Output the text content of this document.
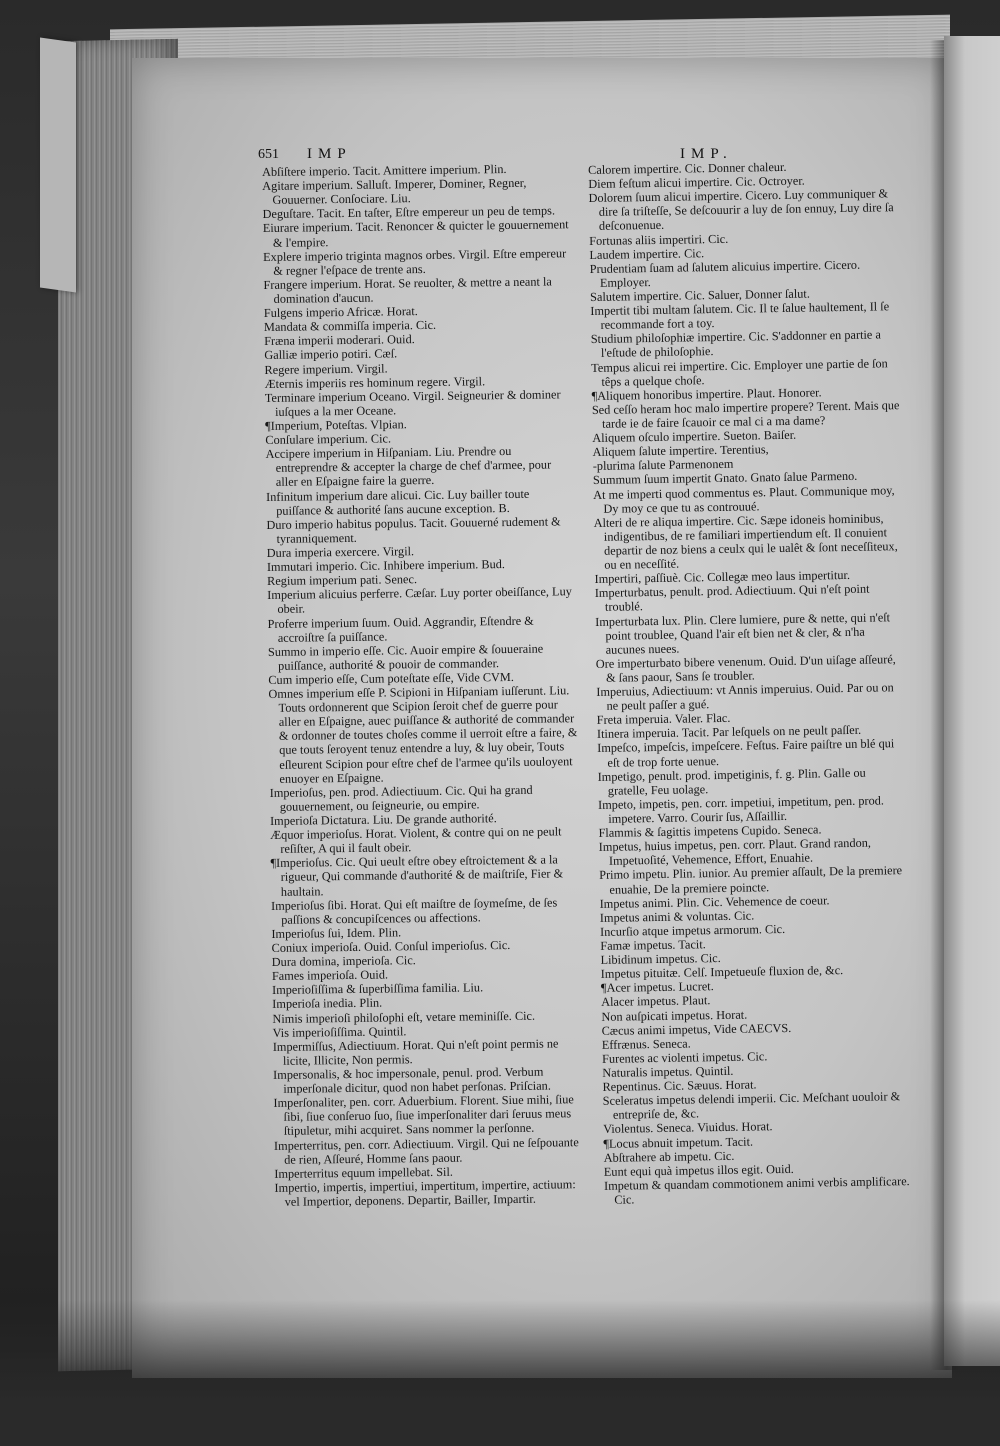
651 IMP	IMP.
Abſiſtere imperio. Tacit. Amittere imperium. Plin.
Agitare imperium. Salluſt. Imperer, Dominer, Regner, Gouuerner. Conſociare. Liu.
Deguſtare. Tacit. En taſter, Eſtre empereur un peu de temps.
Eiurare imperium. Tacit. Renoncer & quicter le gouuernement & l'empire.
Explere imperio triginta magnos orbes. Virgil. Eſtre empereur & regner l'eſpace de trente ans.
Frangere imperium. Horat. Se reuolter, & mettre a neant la domination d'aucun.
Fulgens imperio Africæ. Horat.
Mandata & commiſſa imperia. Cic.
Fræna imperii moderari. Ouid.
Galliæ imperio potiri. Cæſ.
Regere imperium. Virgil.
Æternis imperiis res hominum regere. Virgil.
Terminare imperium Oceano. Virgil. Seigneurier & dominer iuſques a la mer Oceane.
¶Imperium, Poteſtas. Vlpian.
Conſulare imperium. Cic.
Accipere imperium in Hiſpaniam. Liu. Prendre ou entreprendre & accepter la charge de chef d'armee, pour aller en Eſpaigne faire la guerre.
Infinitum imperium dare alicui. Cic. Luy bailler toute puiſſance & authorité ſans aucune exception. B.
Duro imperio habitus populus. Tacit. Gouuerné rudement & tyranniquement.
Dura imperia exercere. Virgil.
Immutari imperio. Cic. Inhibere imperium. Bud.
Regium imperium pati. Senec.
Imperium alicuius perferre. Cæſar. Luy porter obeiſſance, Luy obeir.
Proferre imperium ſuum. Ouid. Aggrandir, Eſtendre & accroiſtre ſa puiſſance.
Summo in imperio eſſe. Cic. Auoir empire & ſouueraine puiſſance, authorité & pouoir de commander.
Cum imperio eſſe, Cum poteſtate eſſe, Vide CVM.
Omnes imperium eſſe P. Scipioni in Hiſpaniam iuſſerunt. Liu. Touts ordonnerent que Scipion ſeroit chef de guerre pour aller en Eſpaigne, auec puiſſance & authorité de commander & ordonner de toutes choſes comme il uerroit eſtre a faire, & que touts ſeroyent tenuz entendre a luy, & luy obeir, Touts eſleurent Scipion pour eſtre chef de l'armee qu'ils uouloyent enuoyer en Eſpaigne.
Imperioſus, pen. prod. Adiectiuum. Cic. Qui ha grand gouuernement, ou ſeigneurie, ou empire.
Imperioſa Dictatura. Liu. De grande authorité.
Æquor imperioſus. Horat. Violent, & contre qui on ne peult reſiſter, A qui il fault obeir.
¶Imperioſus. Cic. Qui ueult eſtre obey eſtroictement & a la rigueur, Qui commande d'authorité & de maiſtriſe, Fier & haultain.
Imperioſus ſibi. Horat. Qui eſt maiſtre de ſoymeſme, de ſes paſſions & concupiſcences ou affections.
Imperioſus ſui, Idem. Plin.
Coniux imperioſa. Ouid. Conſul imperioſus. Cic.
Dura domina, imperioſa. Cic.
Fames imperioſa. Ouid.
Imperioſiſſima & ſuperbiſſima familia. Liu.
Imperioſa inedia. Plin.
Nimis imperioſi philoſophi eſt, vetare meminiſſe. Cic.
Vis imperioſiſſima. Quintil.
Impermiſſus, Adiectiuum. Horat. Qui n'eſt point permis ne licite, Illicite, Non permis.
Impersonalis, & hoc impersonale, penul. prod. Verbum imperſonale dicitur, quod non habet perſonas. Priſcian.
Imperſonaliter, pen. corr. Aduerbium. Florent. Siue mihi, ſiue ſibi, ſiue conſeruo ſuo, ſiue imperſonaliter dari ſeruus meus ſtipuletur, mihi acquiret. Sans nommer la perſonne.
Imperterritus, pen. corr. Adiectiuum. Virgil. Qui ne ſeſpouante de rien, Aſſeuré, Homme ſans paour.
Imperterritus equum impellebat. Sil.
Impertio, impertis, impertiui, impertitum, impertire, actiuum: vel Impertior, deponens. Departir, Bailler, Impartir.
Calorem impertire. Cic. Donner chaleur.
Diem feſtum alicui impertire. Cic. Octroyer.
Dolorem ſuum alicui impertire. Cicero. Luy communiquer & dire ſa triſteſſe, Se deſcouurir a luy de ſon ennuy, Luy dire ſa deſconuenue.
Fortunas aliis impertiri. Cic.
Laudem impertire. Cic.
Prudentiam ſuam ad ſalutem alicuius impertire. Cicero. Employer.
Salutem impertire. Cic. Saluer, Donner ſalut.
Impertit tibi multam ſalutem. Cic. Il te ſalue haultement, Il ſe recommande fort a toy.
Studium philoſophiæ impertire. Cic. S'addonner en partie a l'eſtude de philoſophie.
Tempus alicui rei impertire. Cic. Employer une partie de ſon têps a quelque choſe.
¶Aliquem honoribus impertire. Plaut. Honorer.
Sed ceſſo heram hoc malo impertire propere? Terent. Mais que tarde ie de faire ſcauoir ce mal ci a ma dame?
Aliquem oſculo impertire. Sueton. Baiſer.
Aliquem ſalute impertire. Terentius,
-plurima ſalute Parmenonem
Summum ſuum impertit Gnato. Gnato ſalue Parmeno.
At me imperti quod commentus es. Plaut. Communique moy, Dy moy ce que tu as controuué.
Alteri de re aliqua impertire. Cic. Sæpe idoneis hominibus, indigentibus, de re familiari impertiendum eſt. Il conuient departir de noz biens a ceulx qui le ualêt & ſont neceſſiteux, ou en neceſſité.
Impertiri, paſſiuè. Cic. Collegæ meo laus impertitur.
Imperturbatus, penult. prod. Adiectiuum. Qui n'eſt point troublé.
Imperturbata lux. Plin. Clere lumiere, pure & nette, qui n'eſt point troublee, Quand l'air eſt bien net & cler, & n'ha aucunes nuees.
Ore imperturbato bibere venenum. Ouid. D'un uiſage aſſeuré, & ſans paour, Sans ſe troubler.
Imperuius, Adiectiuum: vt Annis imperuius. Ouid. Par ou on ne peult paſſer a gué.
Freta imperuia. Valer. Flac.
Itinera imperuia. Tacit. Par leſquels on ne peult paſſer.
Impeſco, impeſcis, impeſcere. Feſtus. Faire paiſtre un blé qui eſt de trop forte uenue.
Impetigo, penult. prod. impetiginis, f. g. Plin. Galle ou gratelle, Feu uolage.
Impeto, impetis, pen. corr. impetiui, impetitum, pen. prod. impetere. Varro. Courir ſus, Aſſaillir.
Flammis & ſagittis impetens Cupido. Seneca.
Impetus, huius impetus, pen. corr. Plaut. Grand randon, Impetuoſité, Vehemence, Effort, Enuahie.
Primo impetu. Plin. iunior. Au premier aſſault, De la premiere enuahie, De la premiere poincte.
Impetus animi. Plin. Cic. Vehemence de coeur.
Impetus animi & voluntas. Cic.
Incurſio atque impetus armorum. Cic.
Famæ impetus. Tacit.
Libidinum impetus. Cic.
Impetus pituitæ. Celſ. Impetueuſe fluxion de, &c.
¶Acer impetus. Lucret.
Alacer impetus. Plaut.
Non auſpicati impetus. Horat.
Cæcus animi impetus, Vide CAECVS.
Effrænus. Seneca.
Furentes ac violenti impetus. Cic.
Naturalis impetus. Quintil.
Repentinus. Cic. Sæuus. Horat.
Sceleratus impetus delendi imperii. Cic. Meſchant uouloir & entrepriſe de, &c.
Violentus. Seneca. Viuidus. Horat.
¶Locus abnuit impetum. Tacit.
Abſtrahere ab impetu. Cic.
Eunt equi quà impetus illos egit. Ouid.
Impetum & quandam commotionem animi verbis amplificare. Cic.
